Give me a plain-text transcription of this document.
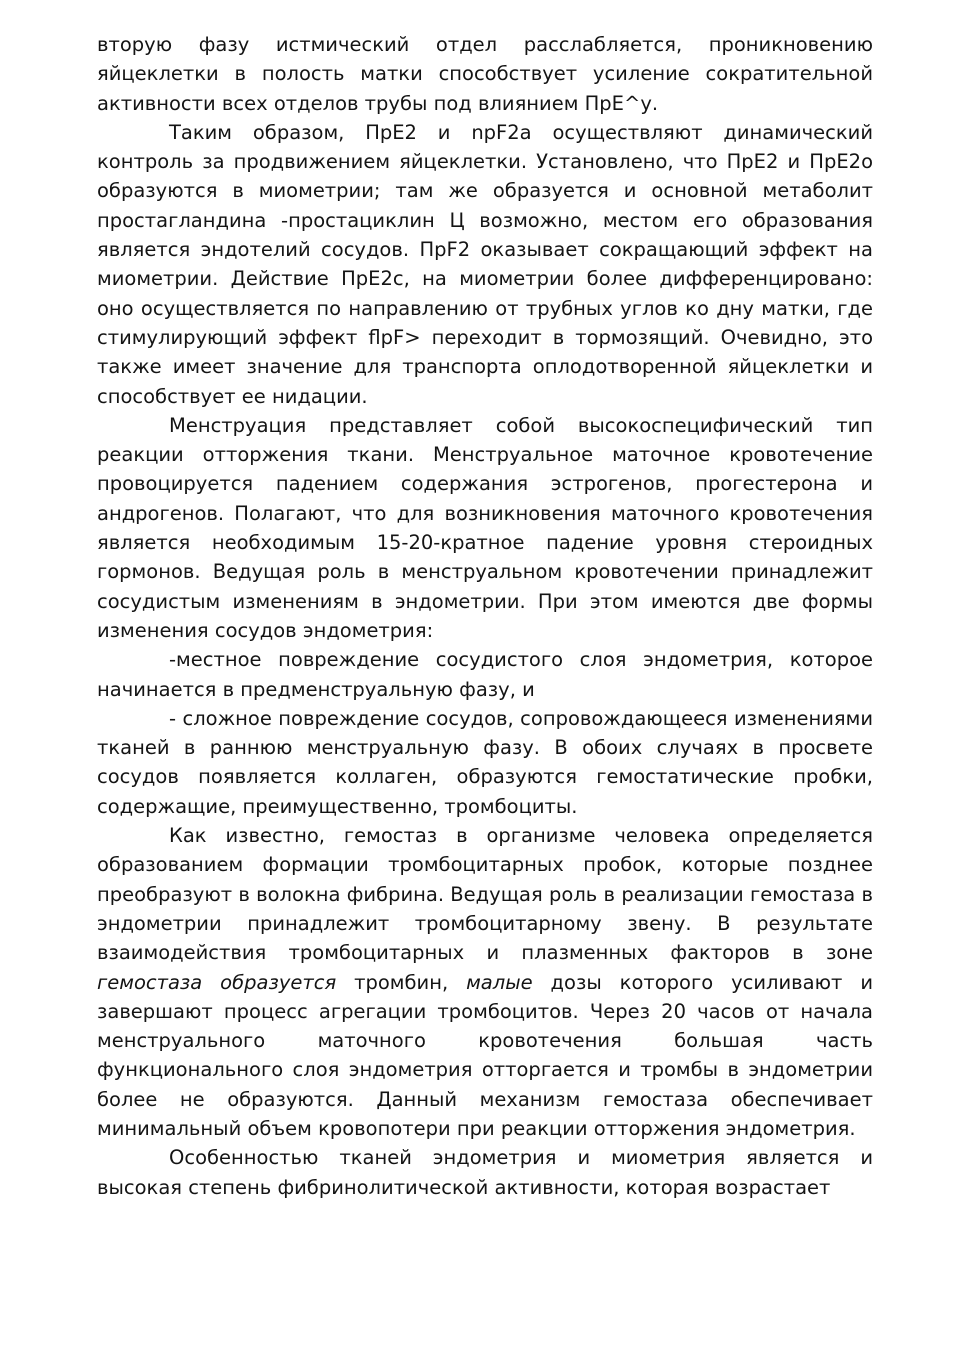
вторую фазу истмический отдел расслабляется, проникновению яйцеклетки в полость матки способствует усиление сократительной активности всех отделов трубы под влиянием ПрЕ^у.

Таким образом, ПрЕ2 и npF2a осуществляют динамический контроль за продвижением яйцеклетки. Установлено, что ПрЕ2 и ПрЕ2о образуются в миометрии; там же образуется и основной метаболит простагландина -простациклин Ц возможно, местом его образования является эндотелий сосудов. ПрF2 оказывает сокращающий эффект на миометрии. Действие ПрЕ2с, на миометрии более дифференцировано: оно осуществляется по направлению от трубных углов ко дну матки, где стимулирующий эффект flpF> переходит в тормозящий. Очевидно, это также имеет значение для транспорта оплодотворенной яйцеклетки и способствует ее нидации.

Менструация представляет собой высокоспецифический тип реакции отторжения ткани. Менструальное маточное кровотечение провоцируется падением содержания эстрогенов, прогестерона и андрогенов. Полагают, что для возникновения маточного кровотечения является необходимым 15-20-кратное падение уровня стероидных гормонов. Ведущая роль в менструальном кровотечении принадлежит сосудистым изменениям в эндометрии. При этом имеются две формы изменения сосудов эндометрия:

-местное повреждение сосудистого слоя эндометрия, которое начинается в предменструальную фазу, и

- сложное повреждение сосудов, сопровождающееся изменениями тканей в раннюю менструальную фазу. В обоих случаях в просвете сосудов появляется коллаген, образуются гемостатические пробки, содержащие, преимущественно, тромбоциты.

Как известно, гемостаз в организме человека определяется образованием формации тромбоцитарных пробок, которые позднее преобразуют в волокна фибрина. Ведущая роль в реализации гемостаза в эндометрии принадлежит тромбоцитарному звену. В результате взаимодействия тромбоцитарных и плазменных факторов в зоне гемостаза образуется тромбин, малые дозы которого усиливают и завершают процесс агрегации тромбоцитов. Через 20 часов от начала менструального маточного кровотечения большая часть функционального слоя эндометрия отторгается и тромбы в эндометрии более не образуются. Данный механизм гемостаза обеспечивает минимальный объем кровопотери при реакции отторжения эндометрия.

Особенностью тканей эндометрия и миометрия является и высокая степень фибринолитической активности, которая возрастает
